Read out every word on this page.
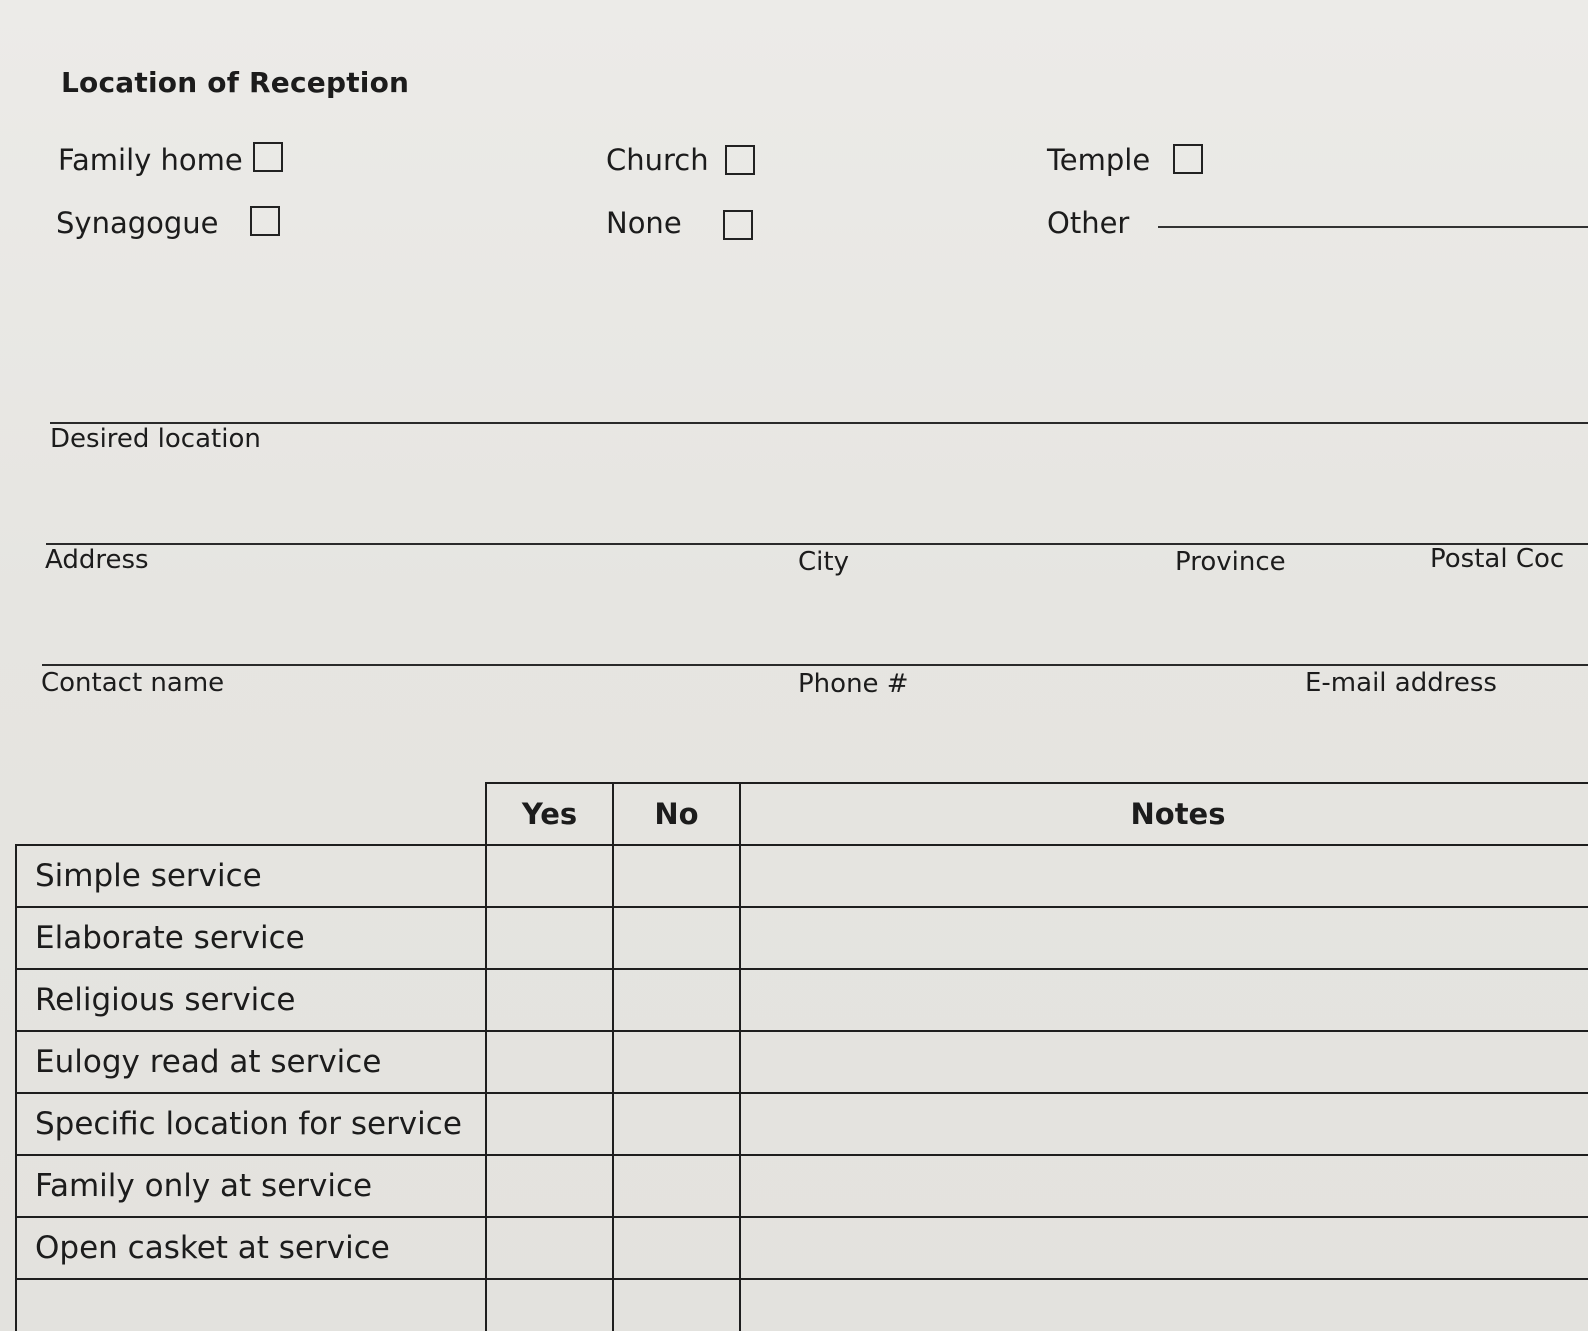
Location of Reception
Family home	Church	Temple
Synagogue	None	Other
Desired location
Address	City	Province	Postal Coc
Contact name	Phone #	E-mail address
	Yes	No	Notes
Simple service			
Elaborate service			
Religious service			
Eulogy read at service			
Specific location for service			
Family only at service			
Open casket at service			
